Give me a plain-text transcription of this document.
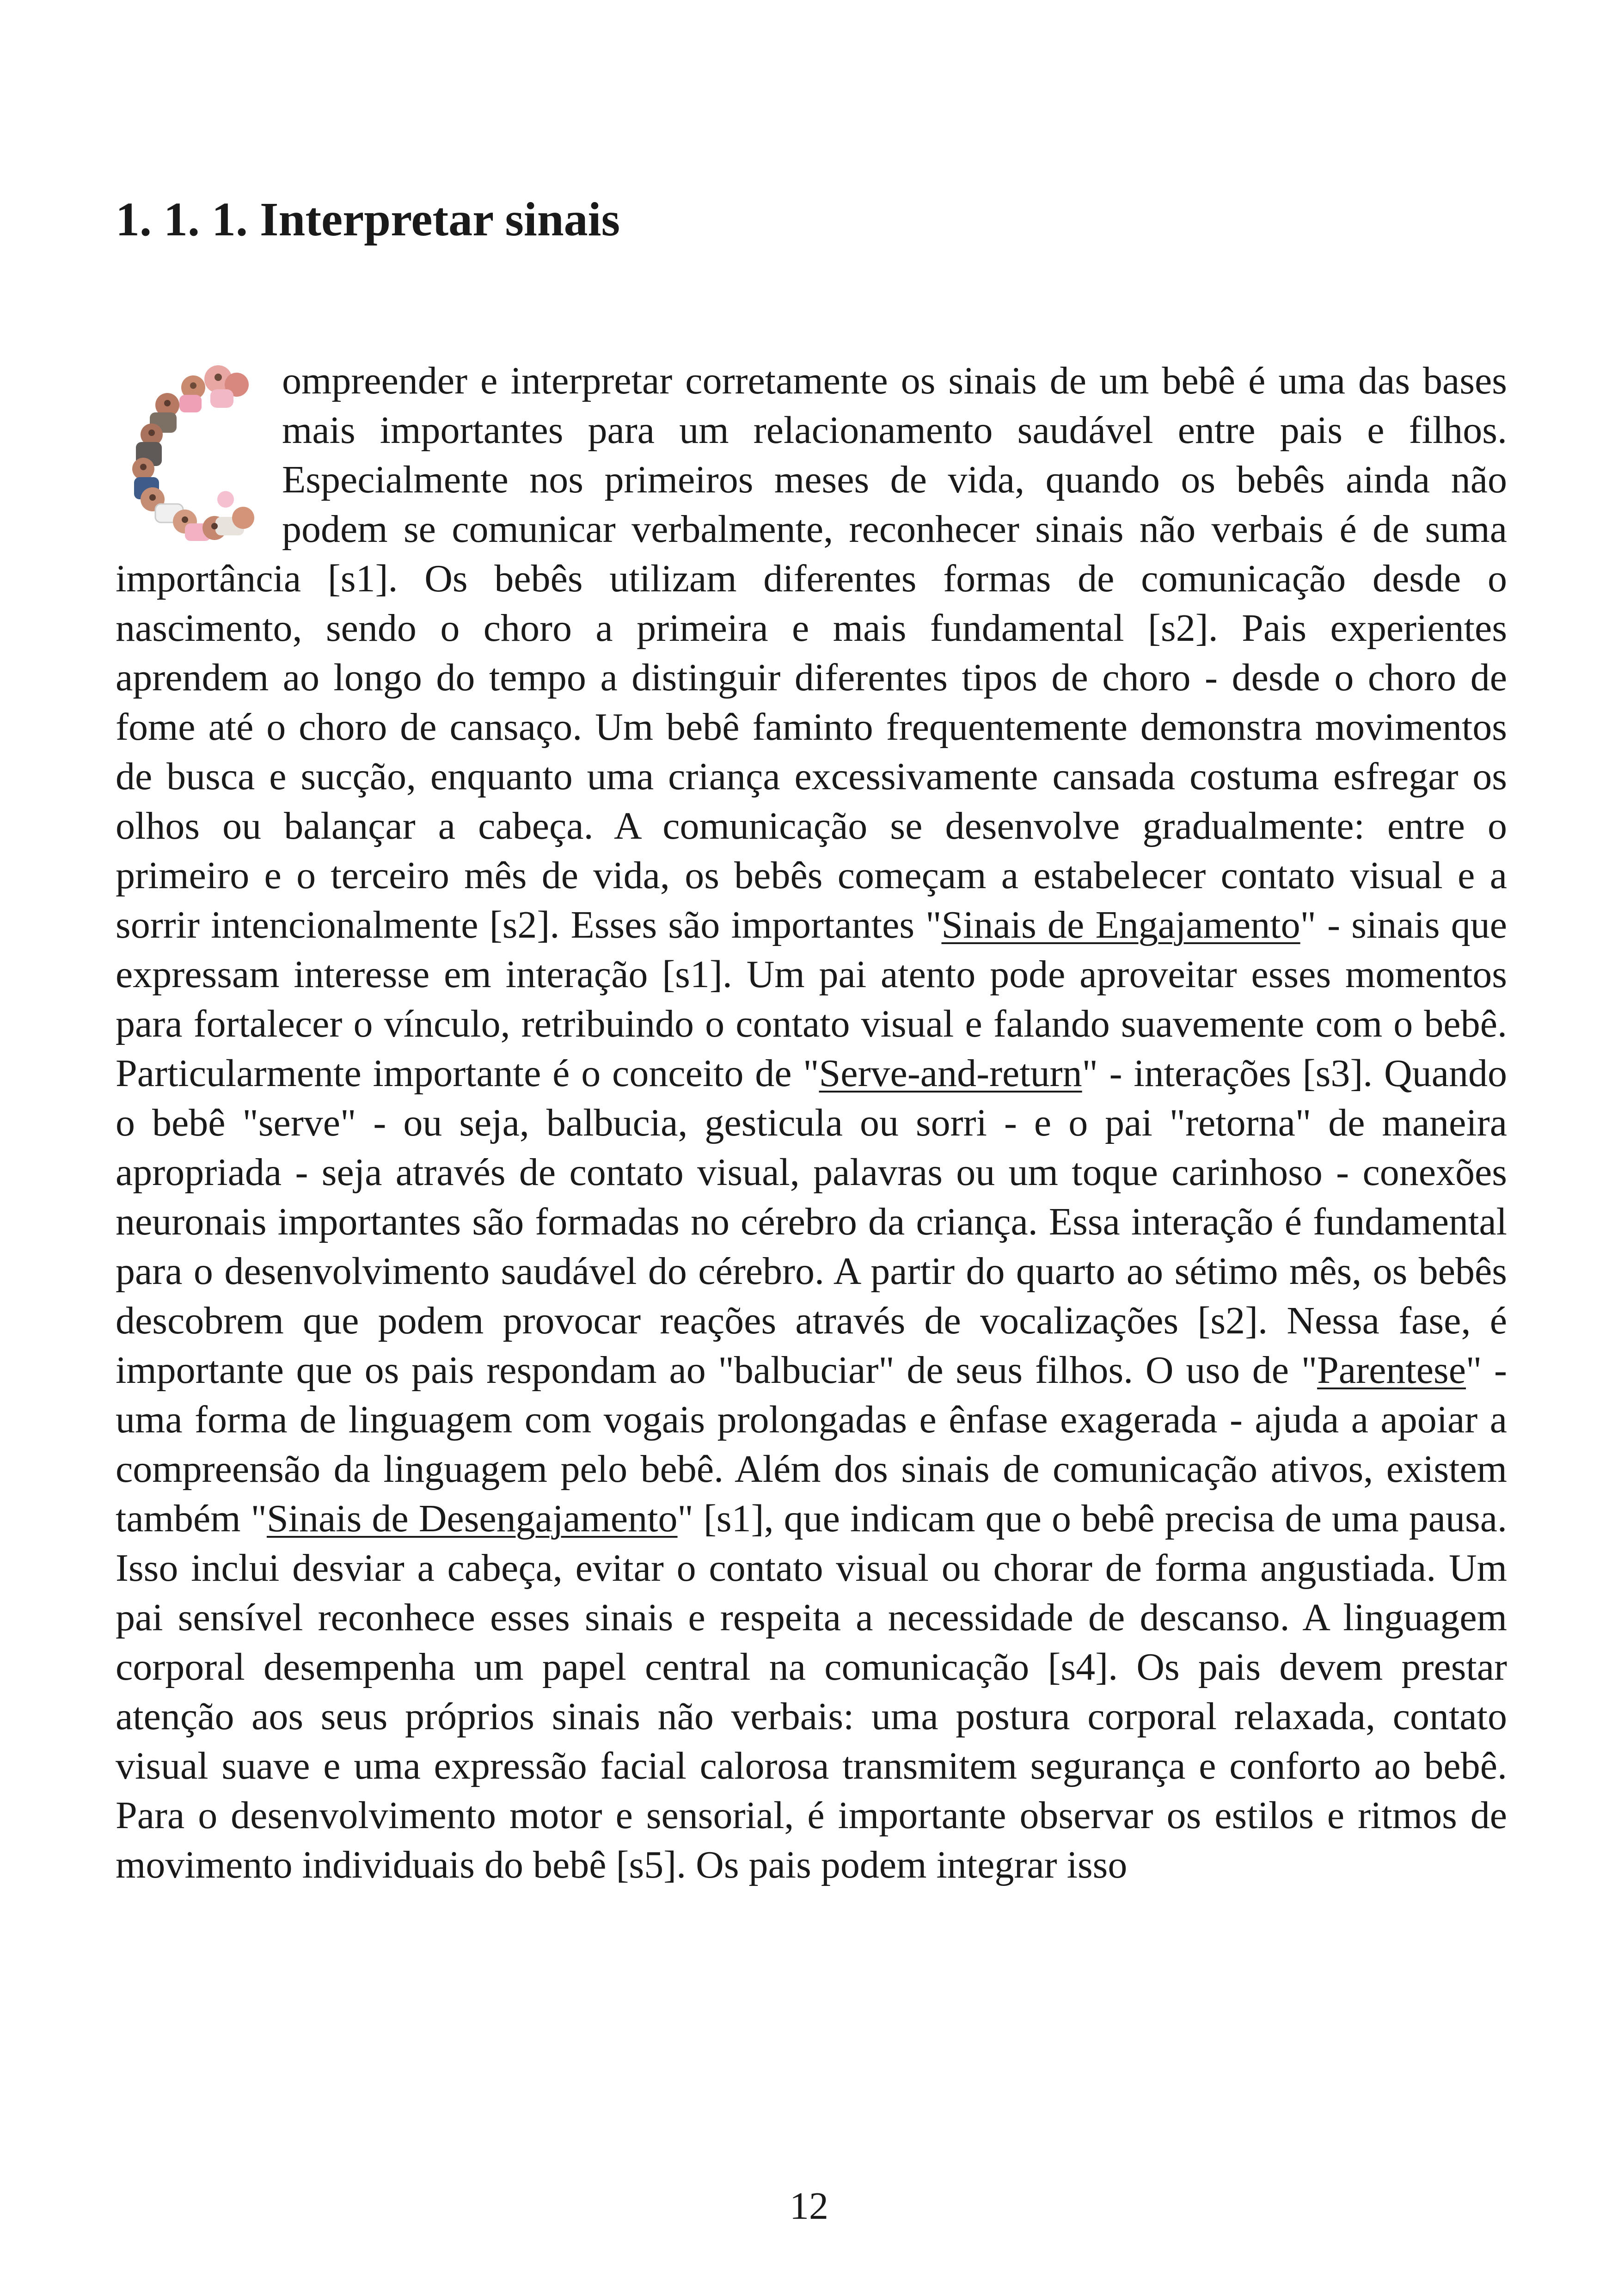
1. 1. 1. Interpretar sinais

ompreender e interpretar corretamente os sinais de um bebê é uma das bases mais importantes para um relacionamento saudável entre pais e filhos. Especialmente nos primeiros meses de vida, quando os bebês ainda não podem se comunicar verbalmente, reconhecer sinais não verbais é de suma importância [s1]. Os bebês utilizam diferentes formas de comunicação desde o nascimento, sendo o choro a primeira e mais fundamental [s2]. Pais experientes aprendem ao longo do tempo a distinguir diferentes tipos de choro - desde o choro de fome até o choro de cansaço. Um bebê faminto frequentemente demonstra movimentos de busca e sucção, enquanto uma criança excessivamente cansada costuma esfregar os olhos ou balançar a cabeça. A comunicação se desenvolve gradualmente: entre o primeiro e o terceiro mês de vida, os bebês começam a estabelecer contato visual e a sorrir intencionalmente [s2]. Esses são importantes "Sinais de Engajamento" - sinais que expressam interesse em interação [s1]. Um pai atento pode aproveitar esses momentos para fortalecer o vínculo, retribuindo o contato visual e falando suavemente com o bebê. Particularmente importante é o conceito de "Serve-and-return" - interações [s3]. Quando o bebê "serve" - ou seja, balbucia, gesticula ou sorri - e o pai "retorna" de maneira apropriada - seja através de contato visual, palavras ou um toque carinhoso - conexões neuronais importantes são formadas no cérebro da criança. Essa interação é fundamental para o desenvolvimento saudável do cérebro. A partir do quarto ao sétimo mês, os bebês descobrem que podem provocar reações através de vocalizações [s2]. Nessa fase, é importante que os pais respondam ao "balbuciar" de seus filhos. O uso de "Parentese" - uma forma de linguagem com vogais prolongadas e ênfase exagerada - ajuda a apoiar a compreensão da linguagem pelo bebê. Além dos sinais de comunicação ativos, existem também "Sinais de Desengajamento" [s1], que indicam que o bebê precisa de uma pausa. Isso inclui desviar a cabeça, evitar o contato visual ou chorar de forma angustiada. Um pai sensível reconhece esses sinais e respeita a necessidade de descanso. A linguagem corporal desempenha um papel central na comunicação [s4]. Os pais devem prestar atenção aos seus próprios sinais não verbais: uma postura corporal relaxada, contato visual suave e uma expressão facial calorosa transmitem segurança e conforto ao bebê. Para o desenvolvimento motor e sensorial, é importante observar os estilos e ritmos de movimento individuais do bebê [s5]. Os pais podem integrar isso

12
